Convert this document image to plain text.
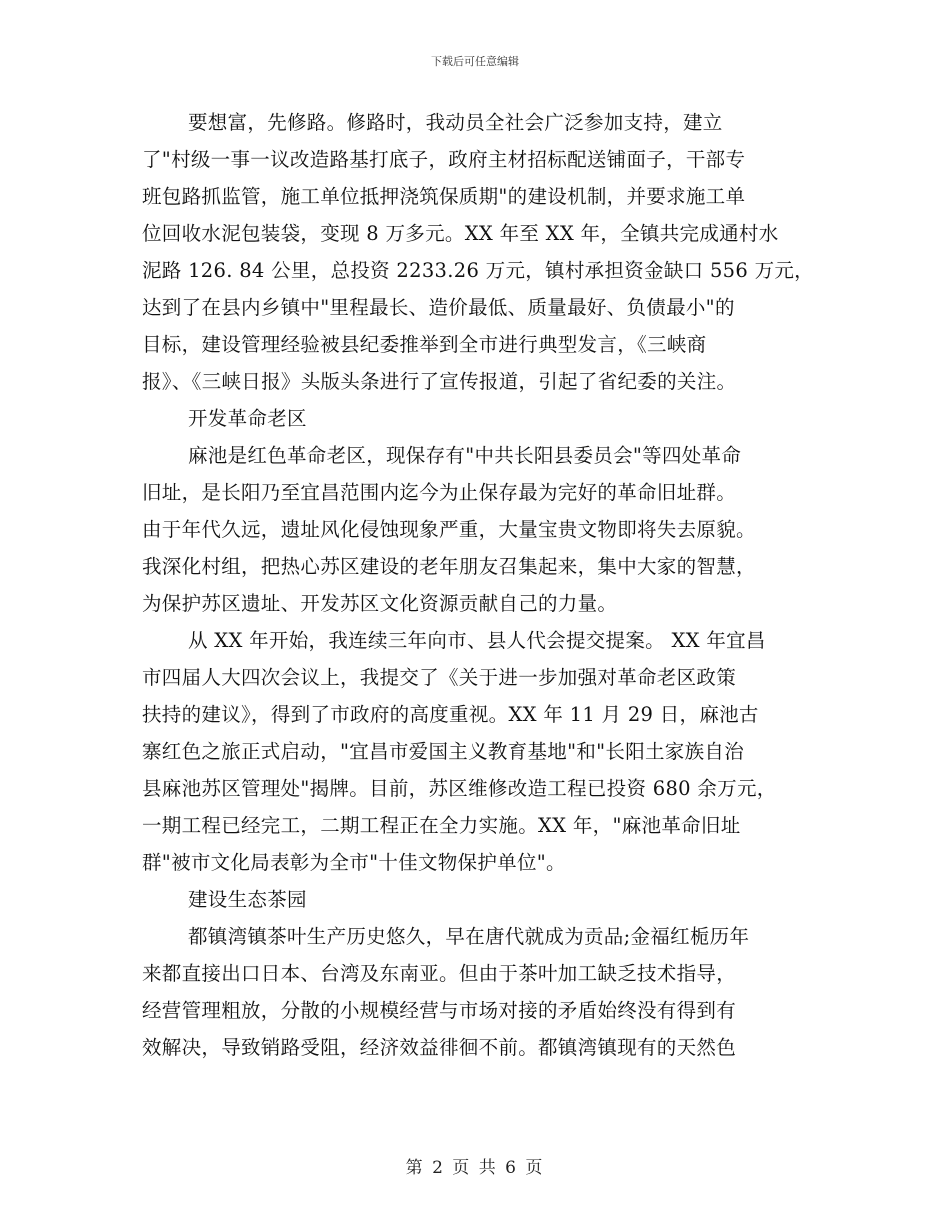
下载后可任意编辑
要想富，先修路。修路时，我动员全社会广泛参加支持，建立
了"村级一事一议改造路基打底子，政府主材招标配送铺面子，干部专
班包路抓监管，施工单位抵押浇筑保质期"的建设机制，并要求施工单
位回收水泥包装袋，变现 8 万多元。XX 年至 XX 年，全镇共完成通村水
泥路 126. 84 公里，总投资 2233.26 万元，镇村承担资金缺口 556 万元，
达到了在县内乡镇中"里程最长、造价最低、质量最好、负债最小"的
目标，建设管理经验被县纪委推举到全市进行典型发言，《三峡商
报》、《三峡日报》头版头条进行了宣传报道，引起了省纪委的关注。
开发革命老区
麻池是红色革命老区，现保存有"中共长阳县委员会"等四处革命
旧址，是长阳乃至宜昌范围内迄今为止保存最为完好的革命旧址群。
由于年代久远，遗址风化侵蚀现象严重，大量宝贵文物即将失去原貌。
我深化村组，把热心苏区建设的老年朋友召集起来，集中大家的智慧，
为保护苏区遗址、开发苏区文化资源贡献自己的力量。
从 XX 年开始，我连续三年向市、县人代会提交提案。 XX 年宜昌
市四届人大四次会议上，我提交了《关于进一步加强对革命老区政策
扶持的建议》，得到了市政府的高度重视。XX 年 11 月 29 日，麻池古
寨红色之旅正式启动，"宜昌市爱国主义教育基地"和"长阳土家族自治
县麻池苏区管理处"揭牌。目前，苏区维修改造工程已投资 680 余万元，
一期工程已经完工，二期工程正在全力实施。XX 年，"麻池革命旧址
群"被市文化局表彰为全市"十佳文物保护单位"。
建设生态茶园
都镇湾镇茶叶生产历史悠久，早在唐代就成为贡品;金福红栀历年
来都直接出口日本、台湾及东南亚。但由于茶叶加工缺乏技术指导，
经营管理粗放，分散的小规模经营与市场对接的矛盾始终没有得到有
效解决，导致销路受阻，经济效益徘徊不前。都镇湾镇现有的天然色
第 2 页 共 6 页
